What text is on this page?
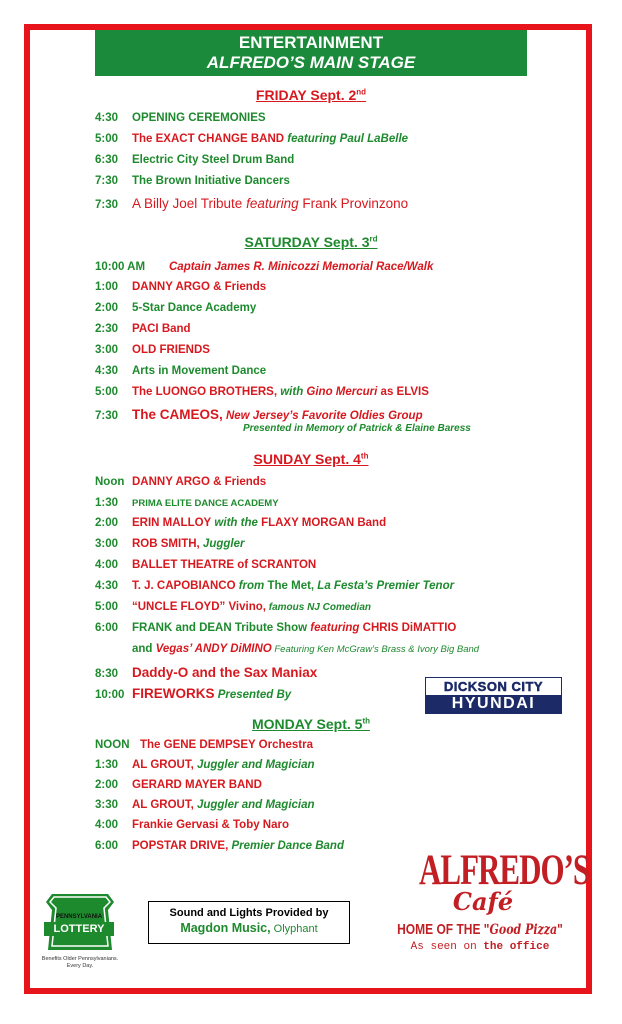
ENTERTAINMENT
ALFREDO’S MAIN STAGE
FRIDAY Sept. 2nd
4:30 OPENING CEREMONIES
5:00 The EXACT CHANGE BAND featuring Paul LaBelle
6:30 Electric City Steel Drum Band
7:30 The Brown Initiative Dancers
7:30 A Billy Joel Tribute featuring Frank Provinzono
SATURDAY Sept. 3rd
10:00 AM Captain James R. Minicozzi Memorial Race/Walk
1:00 DANNY ARGO & Friends
2:00 5-Star Dance Academy
2:30 PACI Band
3:00 OLD FRIENDS
4:30 Arts in Movement Dance
5:00 The LUONGO BROTHERS, with Gino Mercuri as ELVIS
7:30 The CAMEOS, New Jersey’s Favorite Oldies Group
Presented in Memory of Patrick & Elaine Baress
SUNDAY Sept. 4th
Noon DANNY ARGO & Friends
1:30 PRIMA ELITE DANCE ACADEMY
2:00 ERIN MALLOY with the FLAXY MORGAN Band
3:00 ROB SMITH, Juggler
4:00 BALLET THEATRE of SCRANTON
4:30 T. J. CAPOBIANCO from The Met, La Festa’s Premier Tenor
5:00 “UNCLE FLOYD” Vivino, famous NJ Comedian
6:00 FRANK and DEAN Tribute Show featuring CHRIS DiMATTIO
and Vegas’ ANDY DiMINO Featuring Ken McGraw’s Brass & Ivory Big Band
8:30 Daddy-O and the Sax Maniax
10:00 FIREWORKS Presented By
DICKSON CITY
HYUNDAI
MONDAY Sept. 5th
NOON The GENE DEMPSEY Orchestra
1:30 AL GROUT, Juggler and Magician
2:00 GERARD MAYER BAND
3:30 AL GROUT, Juggler and Magician
4:00 Frankie Gervasi & Toby Naro
6:00 POPSTAR DRIVE, Premier Dance Band
PENNSYLVANIA
LOTTERY
Benefits Older Pennsylvanians.
Every Day.
Sound and Lights Provided by
Magdon Music, Olyphant
ALFREDO’S
Café
HOME OF THE "Good Pizza"
As seen on the office
